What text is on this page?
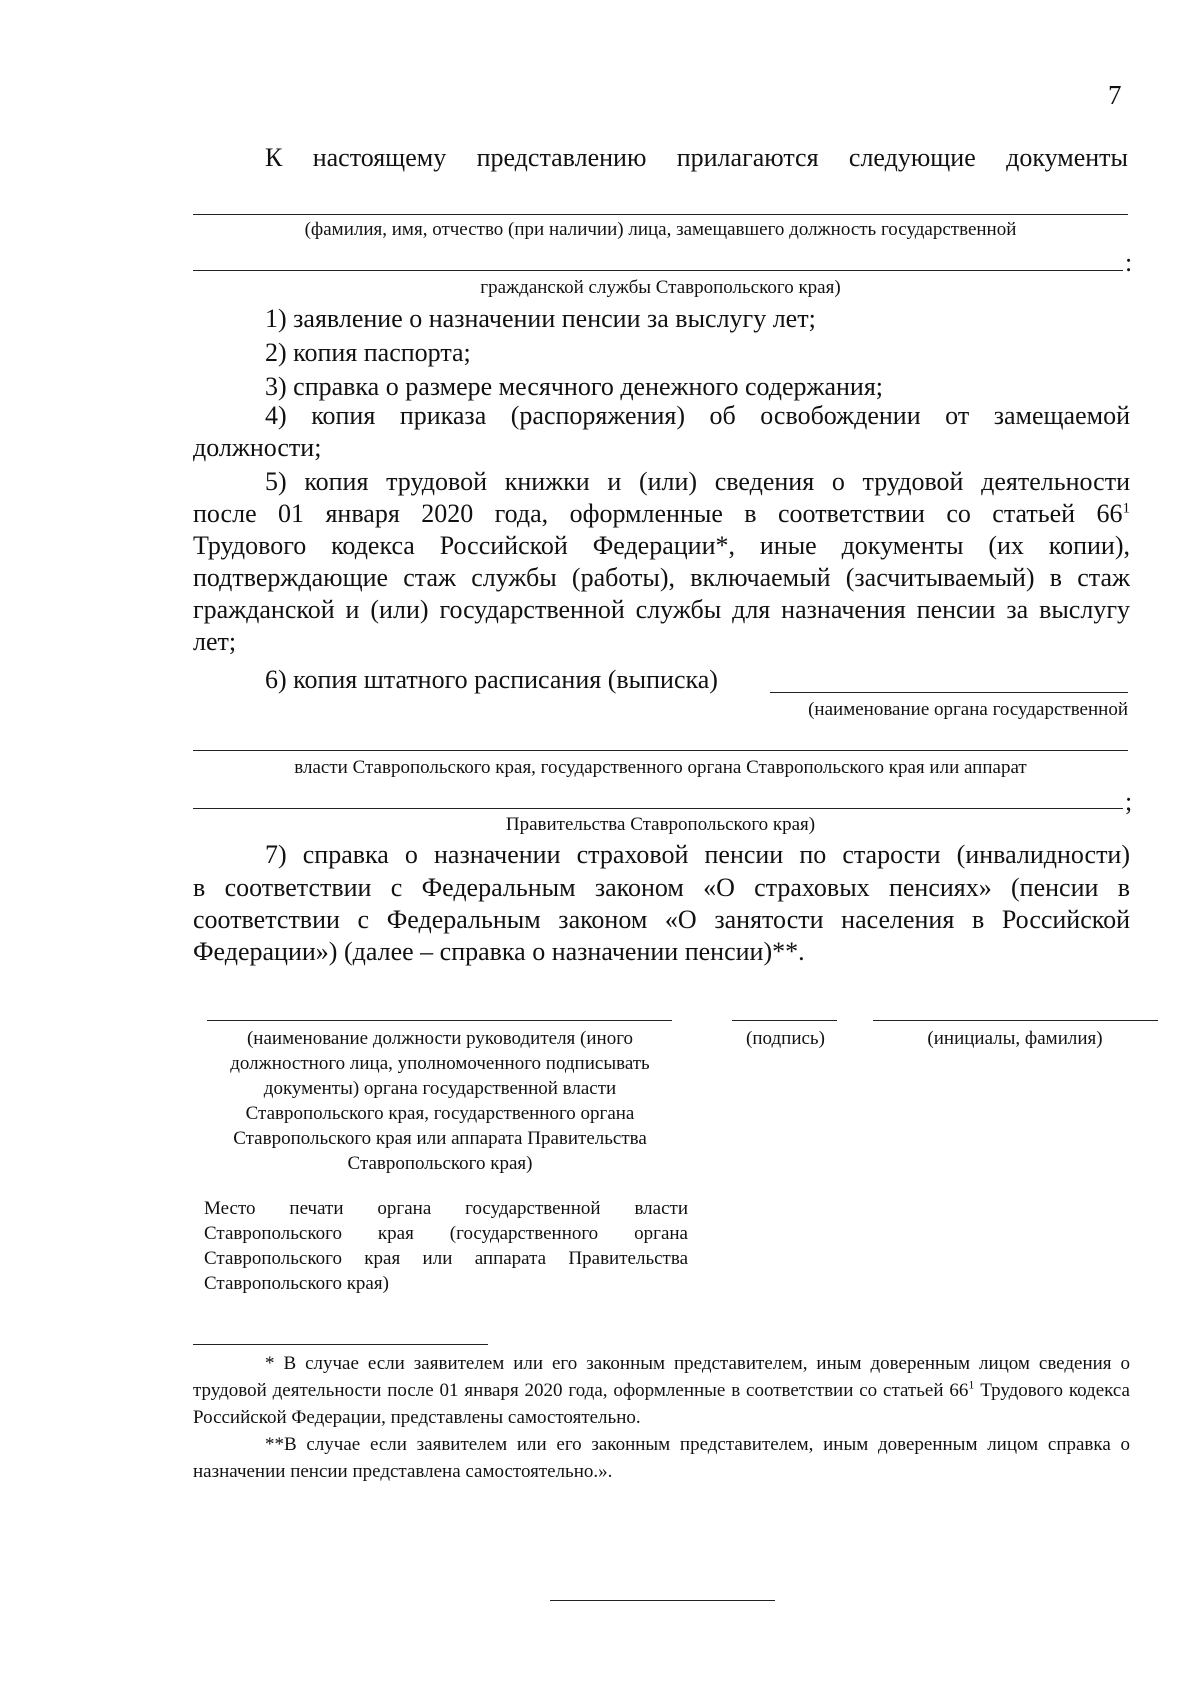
7

К настоящему представлению прилагаются следующие документы

(фамилия, имя, отчество (при наличии) лица, замещавшего должность государственной

:

гражданской службы Ставропольского края)

1) заявление о назначении пенсии за выслугу лет;

2) копия паспорта;

3) справка о размере месячного денежного содержания;

4) копия приказа (распоряжения) об освобождении от замещаемой

должности;

5) копия трудовой книжки и (или) сведения о трудовой деятельности

после 01 января 2020 года, оформленные в соответствии со статьей $66^1$

Трудового кодекса Российской Федерации*, иные документы (их копии), подтверждающие стаж службы (работы), включаемый (засчитываемый) в стаж гражданской и (или) государственной службы для назначения пенсии за выслугу лет;

6) копия штатного расписания (выписка)

(наименование органа государственной

власти Ставропольского края, государственного органа Ставропольского края или аппарат

;

Правительства Ставропольского края)

7) справка о назначении страховой пенсии по старости (инвалидности)

в соответствии с Федеральным законом «О страховых пенсиях» (пенсии в соответствии с Федеральным законом «О занятости населения в Российской Федерации») (далее – справка о назначении пенсии)**.

(наименование должности руководителя (иного должностного лица, уполномоченного подписывать документы) органа государственной власти Ставропольского края, государственного органа Ставропольского края или аппарата Правительства Ставропольского края)

(подпись)	(инициалы, фамилия)

Место печати органа государственной власти Ставропольского края (государственного органа Ставропольского края или аппарата Правительства Ставропольского края)

* В случае если заявителем или его законным представителем, иным доверенным лицом сведения о трудовой деятельности после 01 января 2020 года, оформленные в соответствии со статьей $66^1$ Трудового кодекса Российской Федерации, представлены самостоятельно.

**В случае если заявителем или его законным представителем, иным доверенным лицом справка о назначении пенсии представлена самостоятельно.».
